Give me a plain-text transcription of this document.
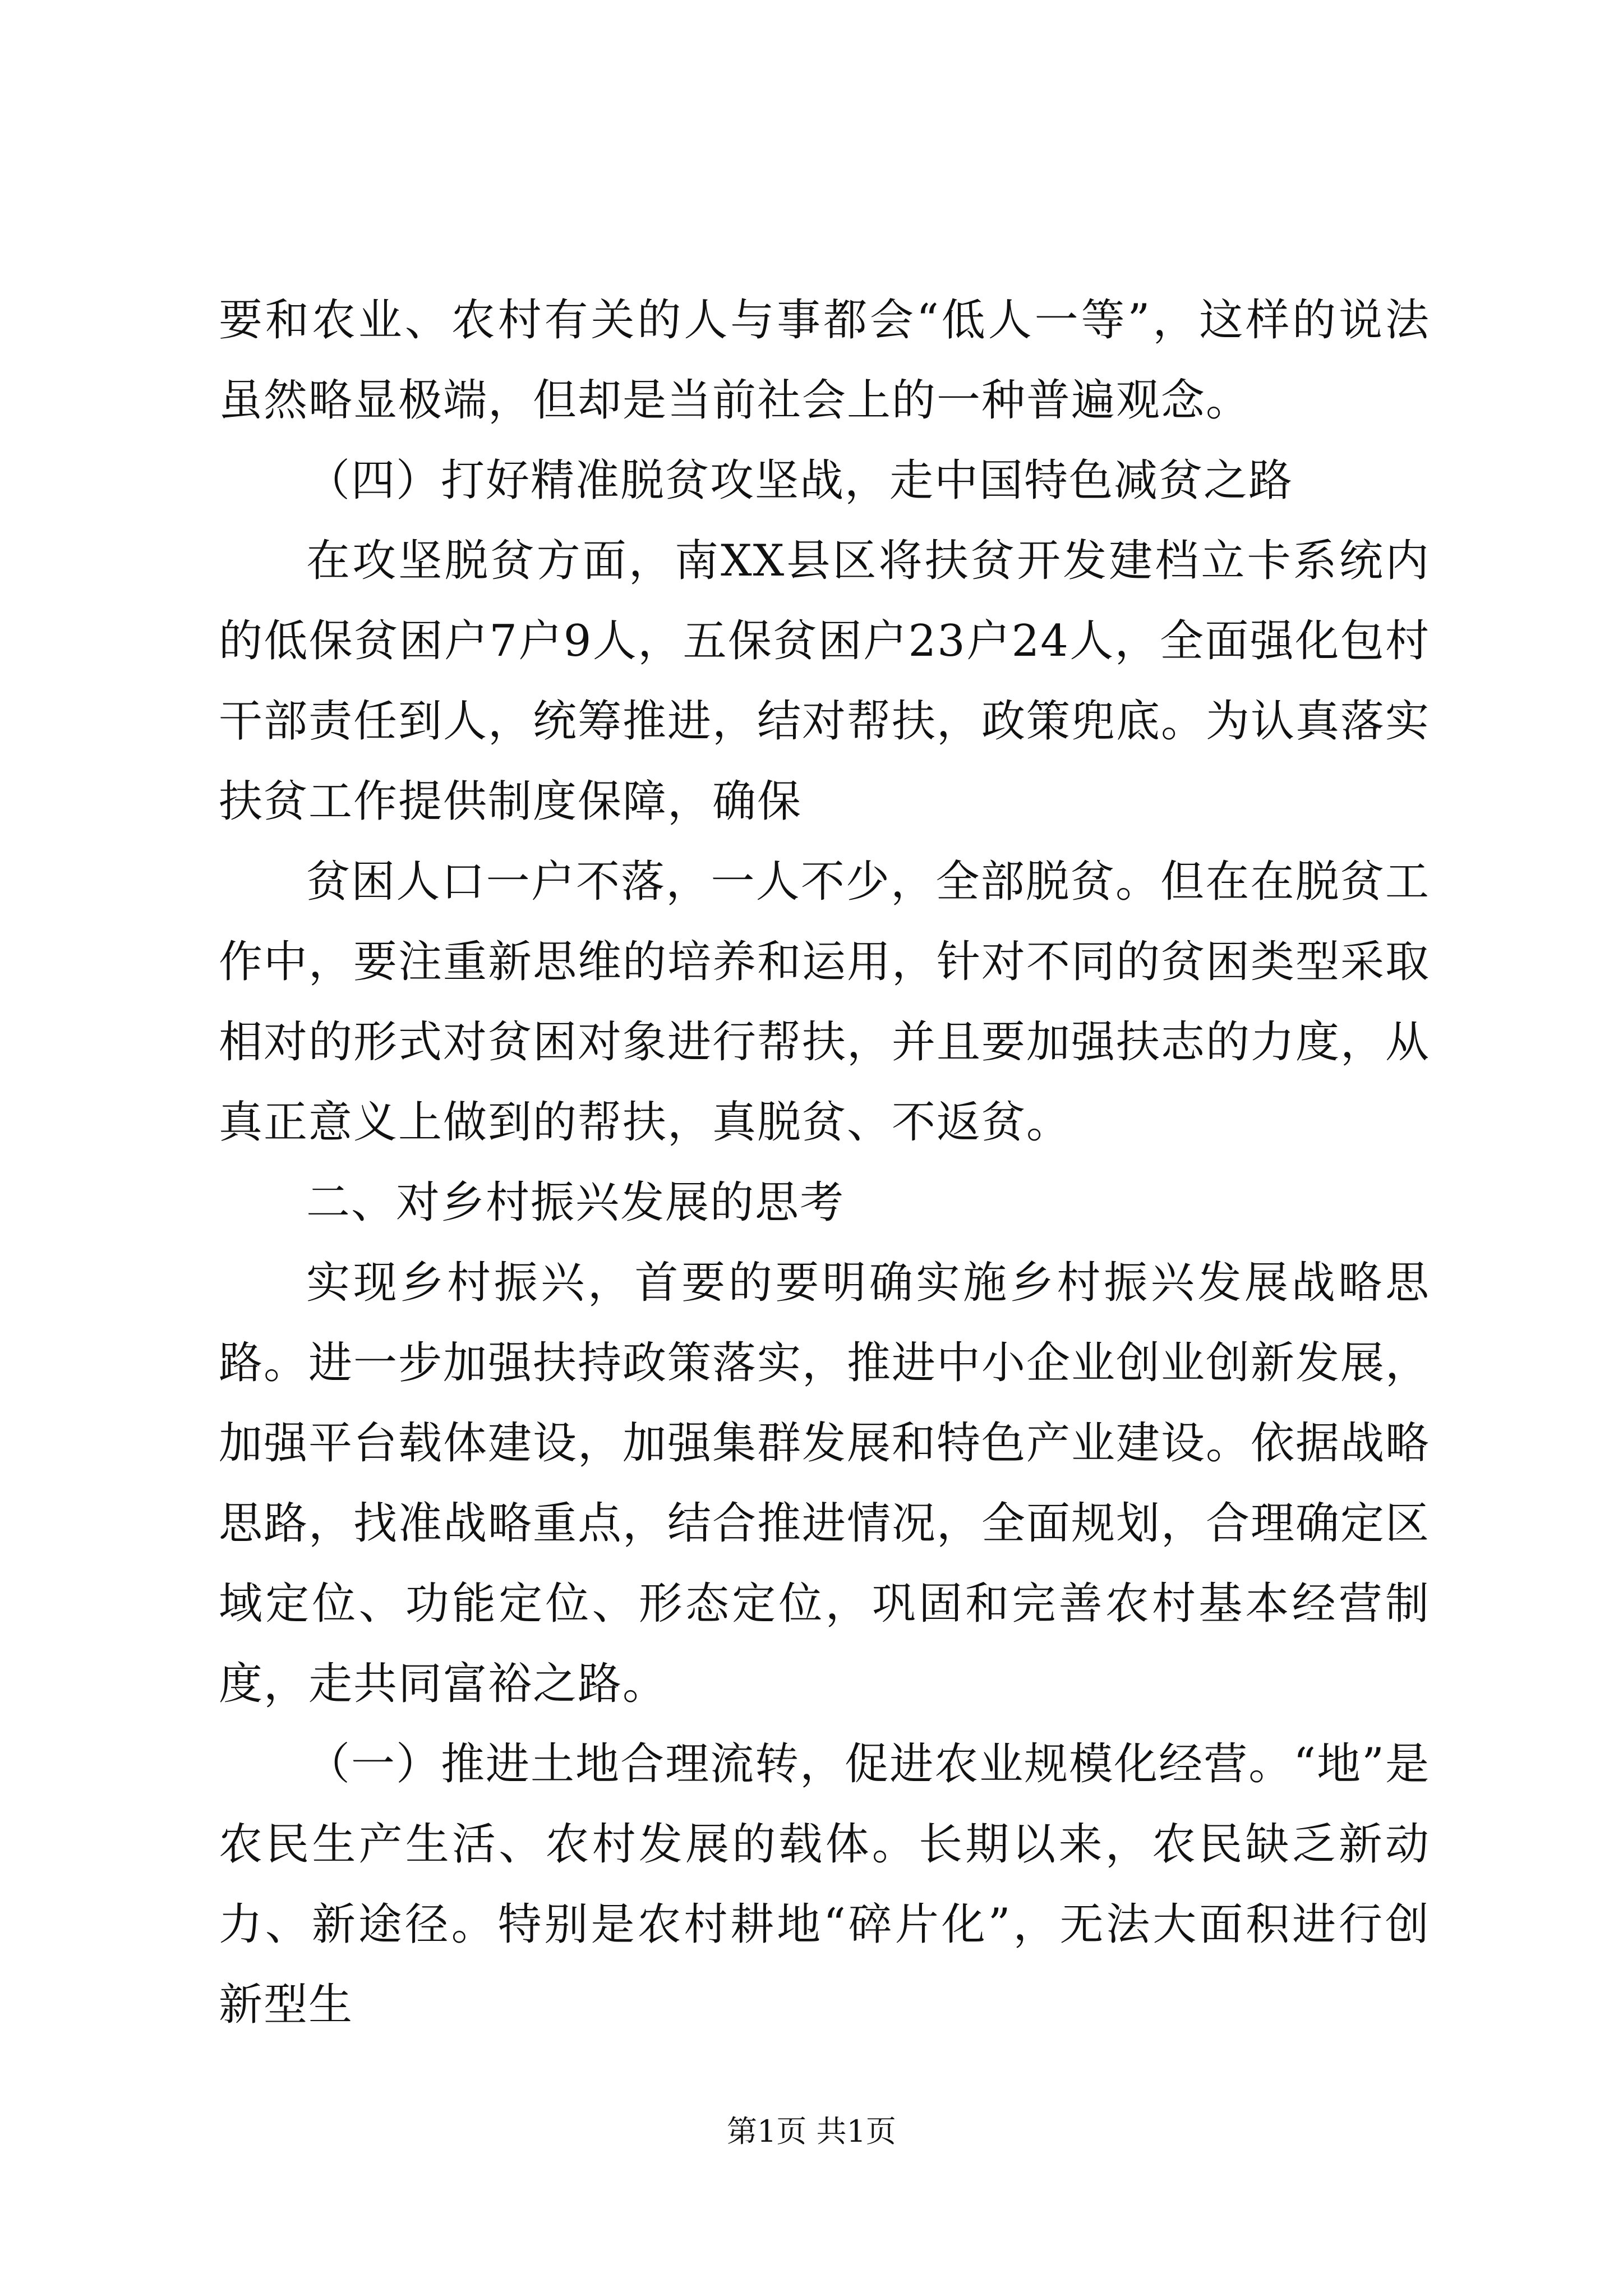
要和农业、农村有关的人与事都会“低人一等”，这样的说法虽然略显极端，但却是当前社会上的一种普遍观念。

（四）打好精准脱贫攻坚战，走中国特色减贫之路

在攻坚脱贫方面，南XX县区将扶贫开发建档立卡系统内的低保贫困户7户9人，五保贫困户23户24人，全面强化包村干部责任到人，统筹推进，结对帮扶，政策兜底。为认真落实扶贫工作提供制度保障，确保

贫困人口一户不落，一人不少，全部脱贫。但在在脱贫工作中，要注重新思维的培养和运用，针对不同的贫困类型采取相对的形式对贫困对象进行帮扶，并且要加强扶志的力度，从真正意义上做到的帮扶，真脱贫、不返贫。

二、对乡村振兴发展的思考

实现乡村振兴，首要的要明确实施乡村振兴发展战略思路。进一步加强扶持政策落实，推进中小企业创业创新发展，加强平台载体建设，加强集群发展和特色产业建设。依据战略思路，找准战略重点，结合推进情况，全面规划，合理确定区域定位、功能定位、形态定位，巩固和完善农村基本经营制度，走共同富裕之路。

（一）推进土地合理流转，促进农业规模化经营。“地”是农民生产生活、农村发展的载体。长期以来，农民缺乏新动力、新途径。特别是农村耕地“碎片化”，无法大面积进行创新型生

第1页 共1页
